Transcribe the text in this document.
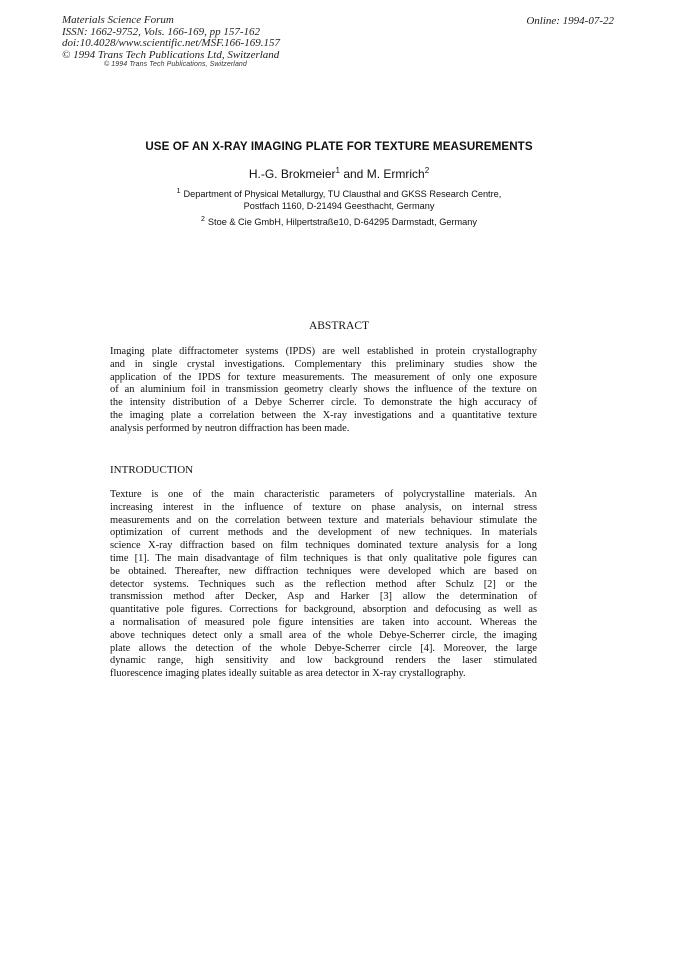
Materials Science Forum
ISSN: 1662-9752, Vols. 166-169, pp 157-162
doi:10.4028/www.scientific.net/MSF.166-169.157
© 1994 Trans Tech Publications Ltd, Switzerland
Online: 1994-07-22
© 1994 Trans Tech Publications, Switzerland
USE OF AN X-RAY IMAGING PLATE FOR TEXTURE MEASUREMENTS
H.-G. Brokmeier$^1$ and M. Ermrich$^2$
$^1$ Department of Physical Metallurgy, TU Clausthal and GKSS Research Centre,
Postfach 1160, D-21494 Geesthacht, Germany
$^2$ Stoe & Cie GmbH, Hilpertstraße10, D-64295 Darmstadt, Germany
ABSTRACT
Imaging plate diffractometer systems (IPDS) are well established in protein crystallography
and in single crystal investigations. Complementary this preliminary studies show the
application of the IPDS for texture measurements. The measurement of only one exposure
of an aluminium foil in transmission geometry clearly shows the influence of the texture on
the intensity distribution of a Debye Scherrer circle. To demonstrate the high accuracy of
the imaging plate a correlation between the X-ray investigations and a quantitative texture
analysis performed by neutron diffraction has been made.
INTRODUCTION
Texture is one of the main characteristic parameters of polycrystalline materials. An
increasing interest in the influence of texture on phase analysis, on internal stress
measurements and on the correlation between texture and materials behaviour stimulate the
optimization of current methods and the development of new techniques. In materials
science X-ray diffraction based on film techniques dominated texture analysis for a long
time [1]. The main disadvantage of film techniques is that only qualitative pole figures can
be obtained. Thereafter, new diffraction techniques were developed which are based on
detector systems. Techniques such as the reflection method after Schulz [2] or the
transmission method after Decker, Asp and Harker [3] allow the determination of
quantitative pole figures. Corrections for background, absorption and defocusing as well as
a normalisation of measured pole figure intensities are taken into account. Whereas the
above techniques detect only a small area of the whole Debye-Scherrer circle, the imaging
plate allows the detection of the whole Debye-Scherrer circle [4]. Moreover, the large
dynamic range, high sensitivity and low background renders the laser stimulated
fluorescence imaging plates ideally suitable as area detector in X-ray crystallography.
